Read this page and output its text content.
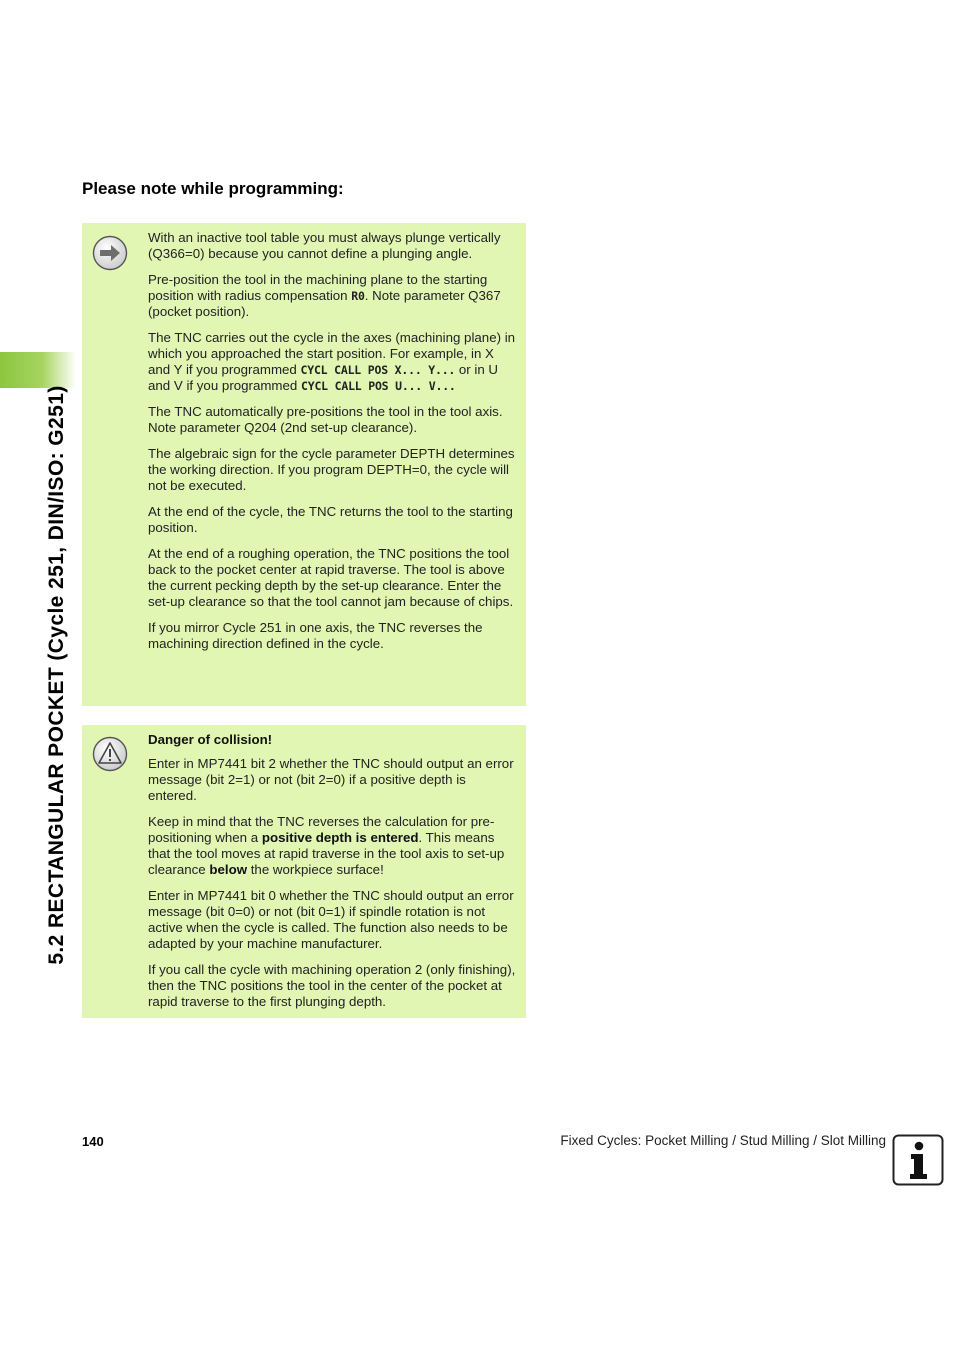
5.2 RECTANGULAR POCKET (Cycle 251, DIN/ISO: G251)
Please note while programming:

With an inactive tool table you must always plunge vertically (Q366=0) because you cannot define a plunging angle.

Pre-position the tool in the machining plane to the starting position with radius compensation R0. Note parameter Q367 (pocket position).

The TNC carries out the cycle in the axes (machining plane) in which you approached the start position. For example, in X and Y if you programmed CYCL CALL POS X... Y... or in U and V if you programmed CYCL CALL POS U... V...

The TNC automatically pre-positions the tool in the tool axis. Note parameter Q204 (2nd set-up clearance).

The algebraic sign for the cycle parameter DEPTH determines the working direction. If you program DEPTH=0, the cycle will not be executed.

At the end of the cycle, the TNC returns the tool to the starting position.

At the end of a roughing operation, the TNC positions the tool back to the pocket center at rapid traverse. The tool is above the current pecking depth by the set-up clearance. Enter the set-up clearance so that the tool cannot jam because of chips.

If you mirror Cycle 251 in one axis, the TNC reverses the machining direction defined in the cycle.

Danger of collision!

Enter in MP7441 bit 2 whether the TNC should output an error message (bit 2=1) or not (bit 2=0) if a positive depth is entered.

Keep in mind that the TNC reverses the calculation for pre-positioning when a positive depth is entered. This means that the tool moves at rapid traverse in the tool axis to set-up clearance below the workpiece surface!

Enter in MP7441 bit 0 whether the TNC should output an error message (bit 0=0) or not (bit 0=1) if spindle rotation is not active when the cycle is called. The function also needs to be adapted by your machine manufacturer.

If you call the cycle with machining operation 2 (only finishing), then the TNC positions the tool in the center of the pocket at rapid traverse to the first plunging depth.

140	Fixed Cycles: Pocket Milling / Stud Milling / Slot Milling
